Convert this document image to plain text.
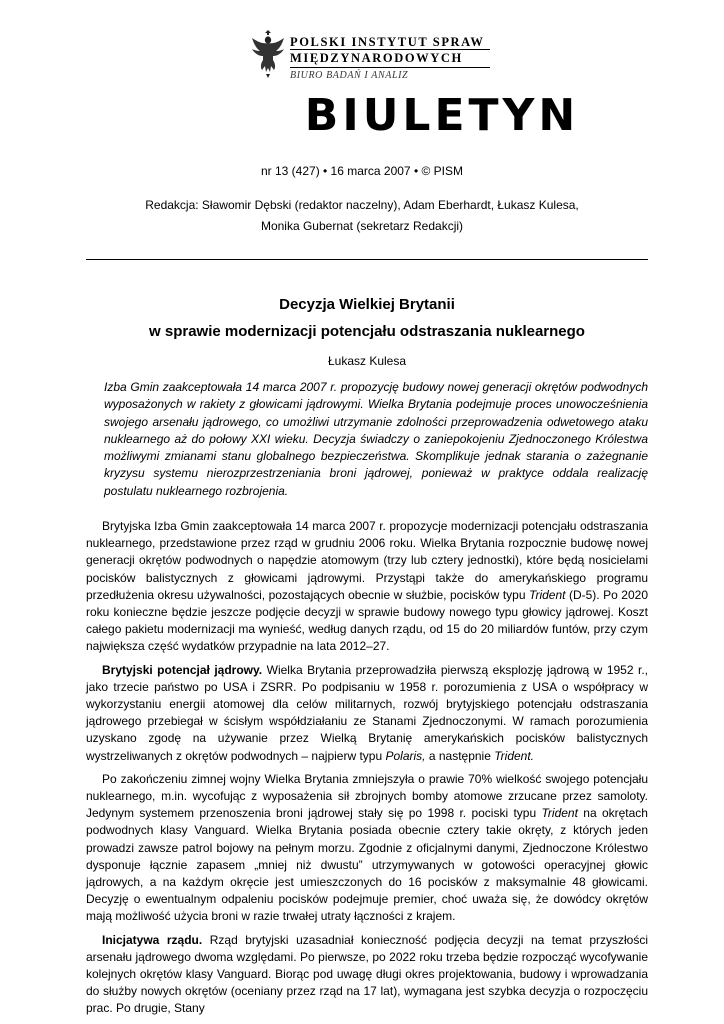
POLSKI INSTYTUT SPRAW
MIĘDZYNARODOWYCH
BIURO BADAŃ I ANALIZ
BIULETYN
nr 13 (427) • 16 marca 2007 • © PISM
Redakcja: Sławomir Dębski (redaktor naczelny), Adam Eberhardt, Łukasz Kulesa,
Monika Gubernat (sekretarz Redakcji)
Decyzja Wielkiej Brytanii
w sprawie modernizacji potencjału odstraszania nuklearnego
Łukasz Kulesa
Izba Gmin zaakceptowała 14 marca 2007 r. propozycję budowy nowej generacji okrętów podwodnych wyposażonych w rakiety z głowicami jądrowymi. Wielka Brytania podejmuje proces unowocześnienia swojego arsenału jądrowego, co umożliwi utrzymanie zdolności przeprowadzenia odwetowego ataku nuklearnego aż do połowy XXI wieku. Decyzja świadczy o zaniepokojeniu Zjednoczonego Królestwa możliwymi zmianami stanu globalnego bezpieczeństwa. Skomplikuje jednak starania o zażegnanie kryzysu systemu nierozprzestrzeniania broni jądrowej, ponieważ w praktyce oddala realizację postulatu nuklearnego rozbrojenia.

Brytyjska Izba Gmin zaakceptowała 14 marca 2007 r. propozycje modernizacji potencjału odstraszania nuklearnego, przedstawione przez rząd w grudniu 2006 roku. Wielka Brytania rozpocznie budowę nowej generacji okrętów podwodnych o napędzie atomowym (trzy lub cztery jednostki), które będą nosicielami pocisków balistycznych z głowicami jądrowymi. Przystąpi także do amerykańskiego programu przedłużenia okresu używalności, pozostających obecnie w służbie, pocisków typu Trident (D-5). Po 2020 roku konieczne będzie jeszcze podjęcie decyzji w sprawie budowy nowego typu głowicy jądrowej. Koszt całego pakietu modernizacji ma wynieść, według danych rządu, od 15 do 20 miliardów funtów, przy czym największa część wydatków przypadnie na lata 2012–27.

Brytyjski potencjał jądrowy. Wielka Brytania przeprowadziła pierwszą eksplozję jądrową w 1952 r., jako trzecie państwo po USA i ZSRR. Po podpisaniu w 1958 r. porozumienia z USA o współpracy w wykorzystaniu energii atomowej dla celów militarnych, rozwój brytyjskiego potencjału odstraszania jądrowego przebiegał w ścisłym współdziałaniu ze Stanami Zjednoczonymi. W ramach porozumienia uzyskano zgodę na używanie przez Wielką Brytanię amerykańskich pocisków balistycznych wystrzeliwanych z okrętów podwodnych – najpierw typu Polaris, a następnie Trident.

Po zakończeniu zimnej wojny Wielka Brytania zmniejszyła o prawie 70% wielkość swojego potencjału nuklearnego, m.in. wycofując z wyposażenia sił zbrojnych bomby atomowe zrzucane przez samoloty. Jedynym systemem przenoszenia broni jądrowej stały się po 1998 r. pociski typu Trident na okrętach podwodnych klasy Vanguard. Wielka Brytania posiada obecnie cztery takie okręty, z których jeden prowadzi zawsze patrol bojowy na pełnym morzu. Zgodnie z oficjalnymi danymi, Zjednoczone Królestwo dysponuje łącznie zapasem „mniej niż dwustu” utrzymywanych w gotowości operacyjnej głowic jądrowych, a na każdym okręcie jest umieszczonych do 16 pocisków z maksymalnie 48 głowicami. Decyzję o ewentualnym odpaleniu pocisków podejmuje premier, choć uważa się, że dowódcy okrętów mają możliwość użycia broni w razie trwałej utraty łączności z krajem.

Inicjatywa rządu. Rząd brytyjski uzasadniał konieczność podjęcia decyzji na temat przyszłości arsenału jądrowego dwoma względami. Po pierwsze, po 2022 roku trzeba będzie rozpocząć wycofywanie kolejnych okrętów klasy Vanguard. Biorąc pod uwagę długi okres projektowania, budowy i wprowadzania do służby nowych okrętów (oceniany przez rząd na 17 lat), wymagana jest szybka decyzja o rozpoczęciu prac. Po drugie, Stany
